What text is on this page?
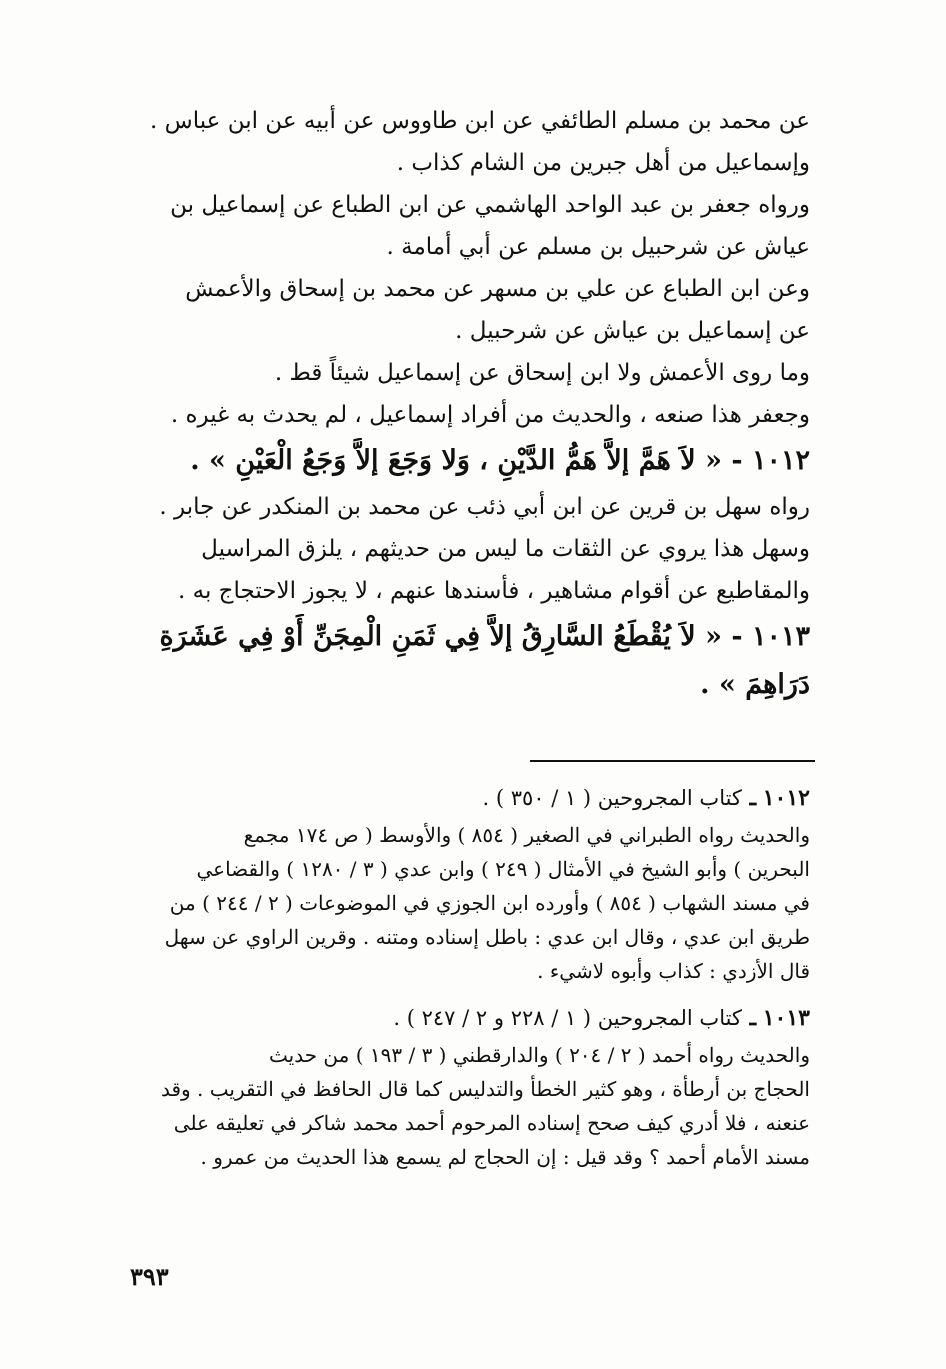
عن محمد بن مسلم الطائفي عن ابن طاووس عن أبيه عن ابن عباس .
وإسماعيل من أهل جبرين من الشام كذاب .
ورواه جعفر بن عبد الواحد الهاشمي عن ابن الطباع عن إسماعيل بن
عياش عن شرحبيل بن مسلم عن أبي أمامة .
وعن ابن الطباع عن علي بن مسهر عن محمد بن إسحاق والأعمش
عن إسماعيل بن عياش عن شرحبيل .
وما روى الأعمش ولا ابن إسحاق عن إسماعيل شيئاً قط .
وجعفر هذا صنعه ، والحديث من أفراد إسماعيل ، لم يحدث به غيره .
١٠١٢ - « لاَ هَمَّ إلاَّ هَمُّ الدَّيْنِ ، وَلا وَجَعَ إلاَّ وَجَعُ الْعَيْنِ » .
رواه سهل بن قرين عن ابن أبي ذئب عن محمد بن المنكدر عن جابر .
وسهل هذا يروي عن الثقات ما ليس من حديثهم ، يلزق المراسيل
والمقاطيع عن أقوام مشاهير ، فأسندها عنهم ، لا يجوز الاحتجاج به .
١٠١٣ - « لاَ يُقْطَعُ السَّارِقُ إلاَّ فِي ثَمَنِ الْمِجَنِّ أَوْ فِي عَشَرَةِ
دَرَاهِمَ » .
١٠١٢ ـ كتاب المجروحين ( ١ / ٣٥٠ ) .
والحديث رواه الطبراني في الصغير ( ٨٥٤ ) والأوسط ( ص ١٧٤ مجمع
البحرين ) وأبو الشيخ في الأمثال ( ٢٤٩ ) وابن عدي ( ٣ / ١٢٨٠ ) والقضاعي
في مسند الشهاب ( ٨٥٤ ) وأورده ابن الجوزي في الموضوعات ( ٢ / ٢٤٤ ) من
طريق ابن عدي ، وقال ابن عدي : باطل إسناده ومتنه . وقرين الراوي عن سهل
قال الأزدي : كذاب وأبوه لاشيء .
١٠١٣ ـ كتاب المجروحين ( ١ / ٢٢٨ و ٢ / ٢٤٧ ) .
والحديث رواه أحمد ( ٢ / ٢٠٤ ) والدارقطني ( ٣ / ١٩٣ ) من حديث
الحجاج بن أرطأة ، وهو كثير الخطأ والتدليس كما قال الحافظ في التقريب . وقد
عنعنه ، فلا أدري كيف صحح إسناده المرحوم أحمد محمد شاكر في تعليقه على
مسند الأمام أحمد ؟ وقد قيل : إن الحجاج لم يسمع هذا الحديث من عمرو .
٣٩٣
